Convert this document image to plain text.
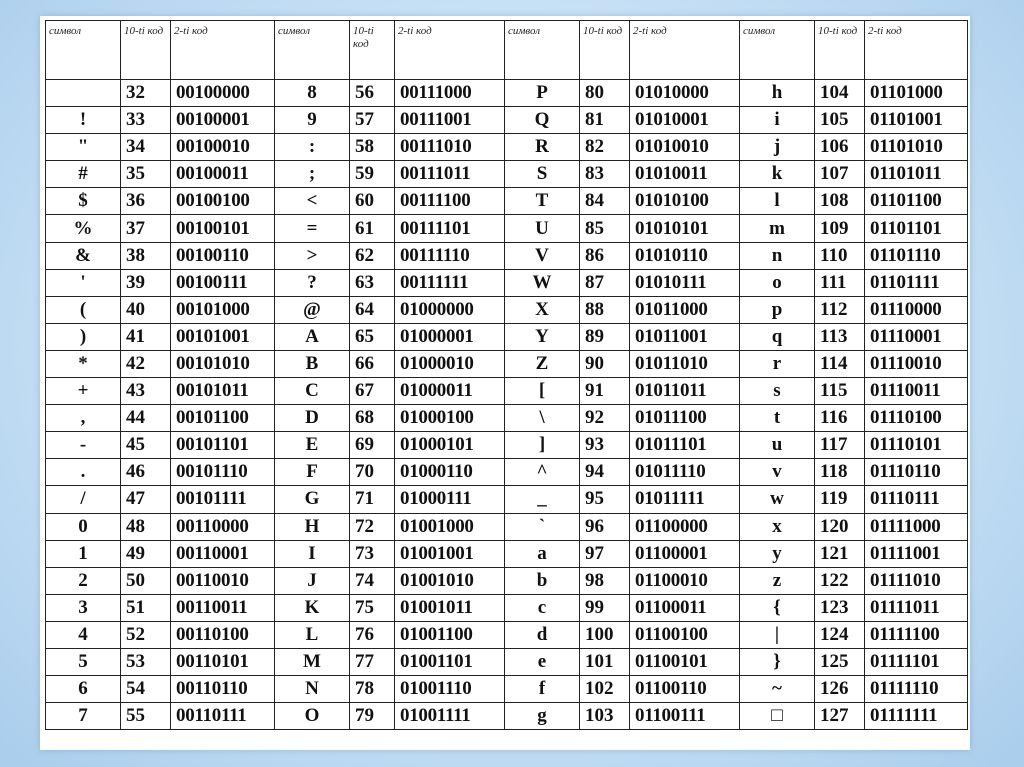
символ	10-ti код	2-ti код	символ	10-ti код	2-ti код	символ	10-ti код	2-ti код	символ	10-ti код	2-ti код
	32	00100000	8	56	00111000	P	80	01010000	h	104	01101000
!	33	00100001	9	57	00111001	Q	81	01010001	i	105	01101001
"	34	00100010	:	58	00111010	R	82	01010010	j	106	01101010
#	35	00100011	;	59	00111011	S	83	01010011	k	107	01101011
$	36	00100100	<	60	00111100	T	84	01010100	l	108	01101100
%	37	00100101	=	61	00111101	U	85	01010101	m	109	01101101
&	38	00100110	>	62	00111110	V	86	01010110	n	110	01101110
'	39	00100111	?	63	00111111	W	87	01010111	o	111	01101111
(	40	00101000	@	64	01000000	X	88	01011000	p	112	01110000
)	41	00101001	A	65	01000001	Y	89	01011001	q	113	01110001
*	42	00101010	B	66	01000010	Z	90	01011010	r	114	01110010
+	43	00101011	C	67	01000011	[	91	01011011	s	115	01110011
,	44	00101100	D	68	01000100	\	92	01011100	t	116	01110100
-	45	00101101	E	69	01000101	]	93	01011101	u	117	01110101
.	46	00101110	F	70	01000110	^	94	01011110	v	118	01110110
/	47	00101111	G	71	01000111	_	95	01011111	w	119	01110111
0	48	00110000	H	72	01001000	`	96	01100000	x	120	01111000
1	49	00110001	I	73	01001001	a	97	01100001	y	121	01111001
2	50	00110010	J	74	01001010	b	98	01100010	z	122	01111010
3	51	00110011	K	75	01001011	c	99	01100011	{	123	01111011
4	52	00110100	L	76	01001100	d	100	01100100	|	124	01111100
5	53	00110101	M	77	01001101	e	101	01100101	}	125	01111101
6	54	00110110	N	78	01001110	f	102	01100110	~	126	01111110
7	55	00110111	O	79	01001111	g	103	01100111	□	127	01111111
